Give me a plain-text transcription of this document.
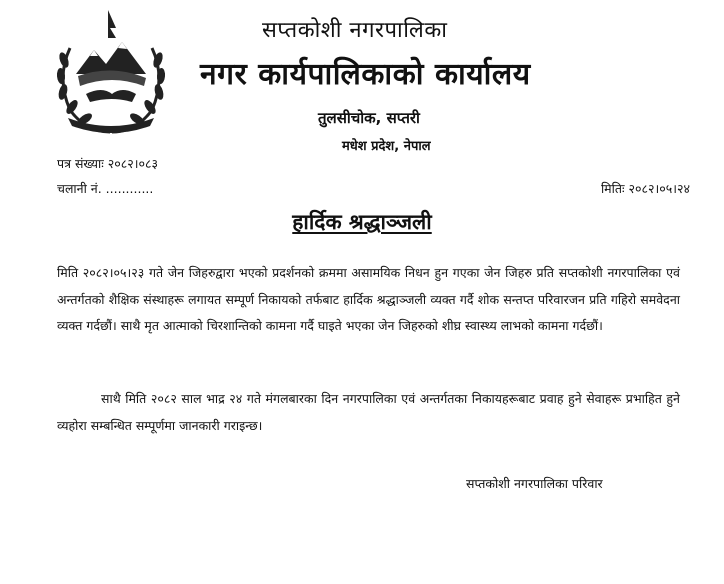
सप्तकोशी नगरपालिका
नगर कार्यपालिकाको कार्यालय
तुलसीचोक, सप्तरी
मधेश प्रदेश, नेपाल
पत्र संख्याः २०८२।०८३
चलानी नं. ............	मितिः २०८२।०५।२४
हार्दिक श्रद्धाञ्जली
मिति २०८२।०५।२३ गते जेन जिहरुद्वारा भएको प्रदर्शनको क्रममा असामयिक निधन हुन गएका जेन जिहरु प्रति सप्तकोशी नगरपालिका एवं अन्तर्गतको शैक्षिक संस्थाहरू लगायत सम्पूर्ण निकायको तर्फबाट हार्दिक श्रद्धाञ्जली व्यक्त गर्दै शोक सन्तप्त परिवारजन प्रति गहिरो समवेदना व्यक्त गर्दछौं। साथै मृत आत्माको चिरशान्तिको कामना गर्दै घाइते भएका जेन जिहरुको शीघ्र स्वास्थ्य लाभको कामना गर्दछौं।
साथै मिति २०८२ साल भाद्र २४ गते मंगलबारका दिन नगरपालिका एवं अन्तर्गतका निकायहरूबाट प्रवाह हुने सेवाहरू प्रभाहित हुने व्यहोरा सम्बन्धित सम्पूर्णमा जानकारी गराइन्छ।
सप्तकोशी नगरपालिका परिवार
